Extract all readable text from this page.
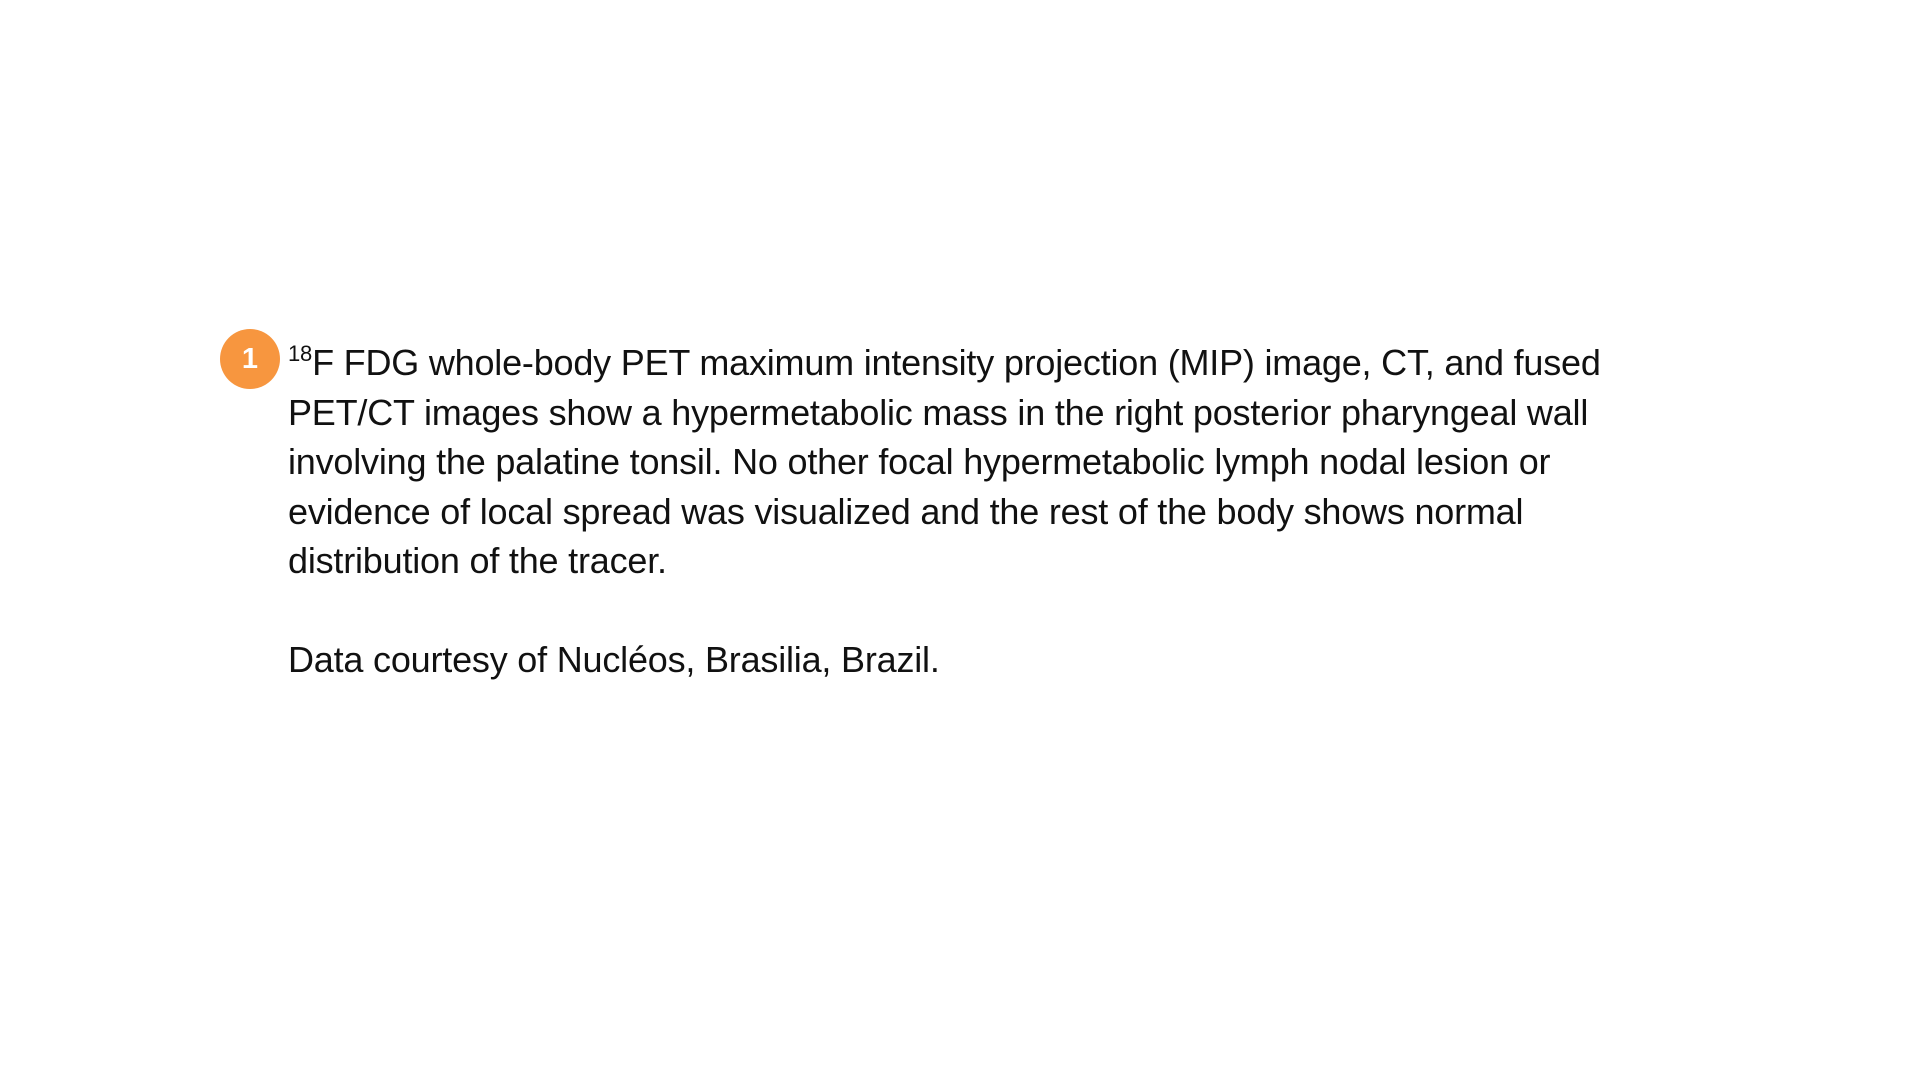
1	$^{18}$F FDG whole-body PET maximum intensity projection (MIP) image, CT, and fused PET/CT images show a hypermetabolic mass in the right posterior pharyngeal wall involving the palatine tonsil. No other focal hypermetabolic lymph nodal lesion or evidence of local spread was visualized and the rest of the body shows normal distribution of the tracer.

Data courtesy of Nucléos, Brasilia, Brazil.
